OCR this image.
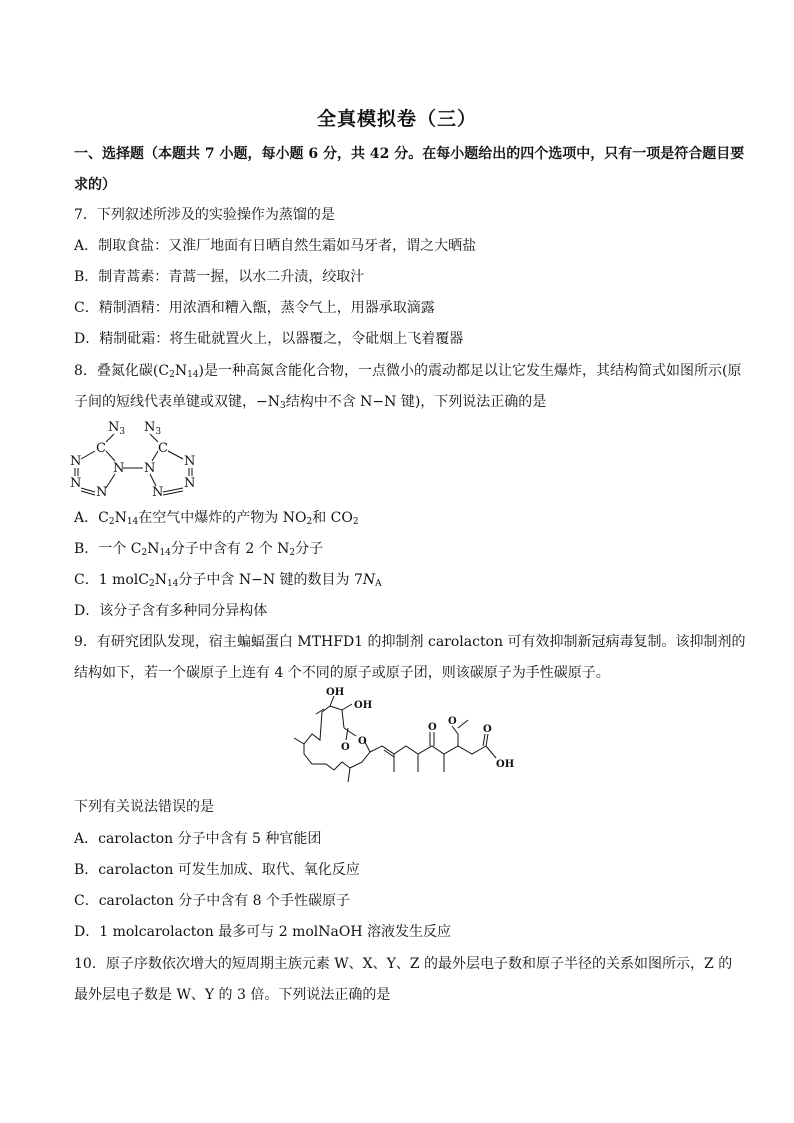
全真模拟卷（三）
一、选择题（本题共 7 小题，每小题 6 分，共 42 分。在每小题给出的四个选项中，只有一项是符合题目要
求的）
7．下列叙述所涉及的实验操作为蒸馏的是
A．制取食盐：又淮厂地面有日晒自然生霜如马牙者，谓之大晒盐
B．制青蒿素：青蒿一握，以水二升渍，绞取汁
C．精制酒精：用浓酒和糟入甑，蒸令气上，用器承取滴露
D．精制砒霜：将生砒就置火上，以器覆之，令砒烟上飞着覆器
8．叠氮化碳$(C_2N_{14})$是一种高氮含能化合物，一点微小的震动都足以让它发生爆炸，其结构简式如图所示(原
子间的短线代表单键或双键，$-N_3$结构中不含 N−N 键)，下列说法正确的是
$N_3$ $N_3$
C	C
N N N N
N	N
N	N
A．$C_2N_{14}$在空气中爆炸的产物为 $NO_2$和 $CO_2$
B．一个 $C_2N_{14}$分子中含有 2 个 $N_2$分子
C．1 $molC_2N_{14}$分子中含 N−N 键的数目为 $7N_A$
D．该分子含有多种同分异构体
9．有研究团队发现，宿主蝙蝠蛋白 MTHFD1 的抑制剂 carolacton 可有效抑制新冠病毒复制。该抑制剂的
结构如下，若一个碳原子上连有 4 个不同的原子或原子团，则该碳原子为手性碳原子。
OH
OH
O
O
O
O
O
OH
下列有关说法错误的是
A．carolacton 分子中含有 5 种官能团
B．carolacton 可发生加成、取代、氧化反应
C．carolacton 分子中含有 8 个手性碳原子
D．1 molcarolacton 最多可与 2 molNaOH 溶液发生反应
10．原子序数依次增大的短周期主族元素 W、X、Y、Z 的最外层电子数和原子半径的关系如图所示，Z 的
最外层电子数是 W、Y 的 3 倍。下列说法正确的是
